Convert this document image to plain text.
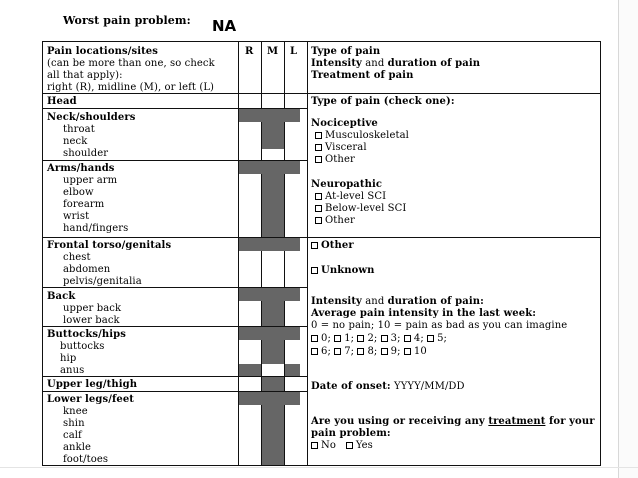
Worst pain problem: NA
Pain locations/sites
(can be more than one, so check
all that apply):
right (R), midline (M), or left (L)
R M L
Head
Neck/shoulders
throat
neck
shoulder
Arms/hands
upper arm
elbow
forearm
wrist
hand/fingers
Frontal torso/genitals
chest
abdomen
pelvis/genitalia
Back
upper back
lower back
Buttocks/hips
buttocks
hip
anus
Upper leg/thigh
Lower legs/feet
knee
shin
calf
ankle
foot/toes
Type of pain
Intensity and duration of pain
Treatment of pain
Type of pain (check one):
Nociceptive
Musculoskeletal
Visceral
Other
Neuropathic
At-level SCI
Below-level SCI
Other
Other
Unknown
Intensity and duration of pain:
Average pain intensity in the last week:
0 = no pain; 10 = pain as bad as you can imagine
0; 1; 2; 3; 4; 5;
6; 7; 8; 9; 10
Date of onset: YYYY/MM/DD
Are you using or receiving any treatment for your
pain problem:
No Yes
